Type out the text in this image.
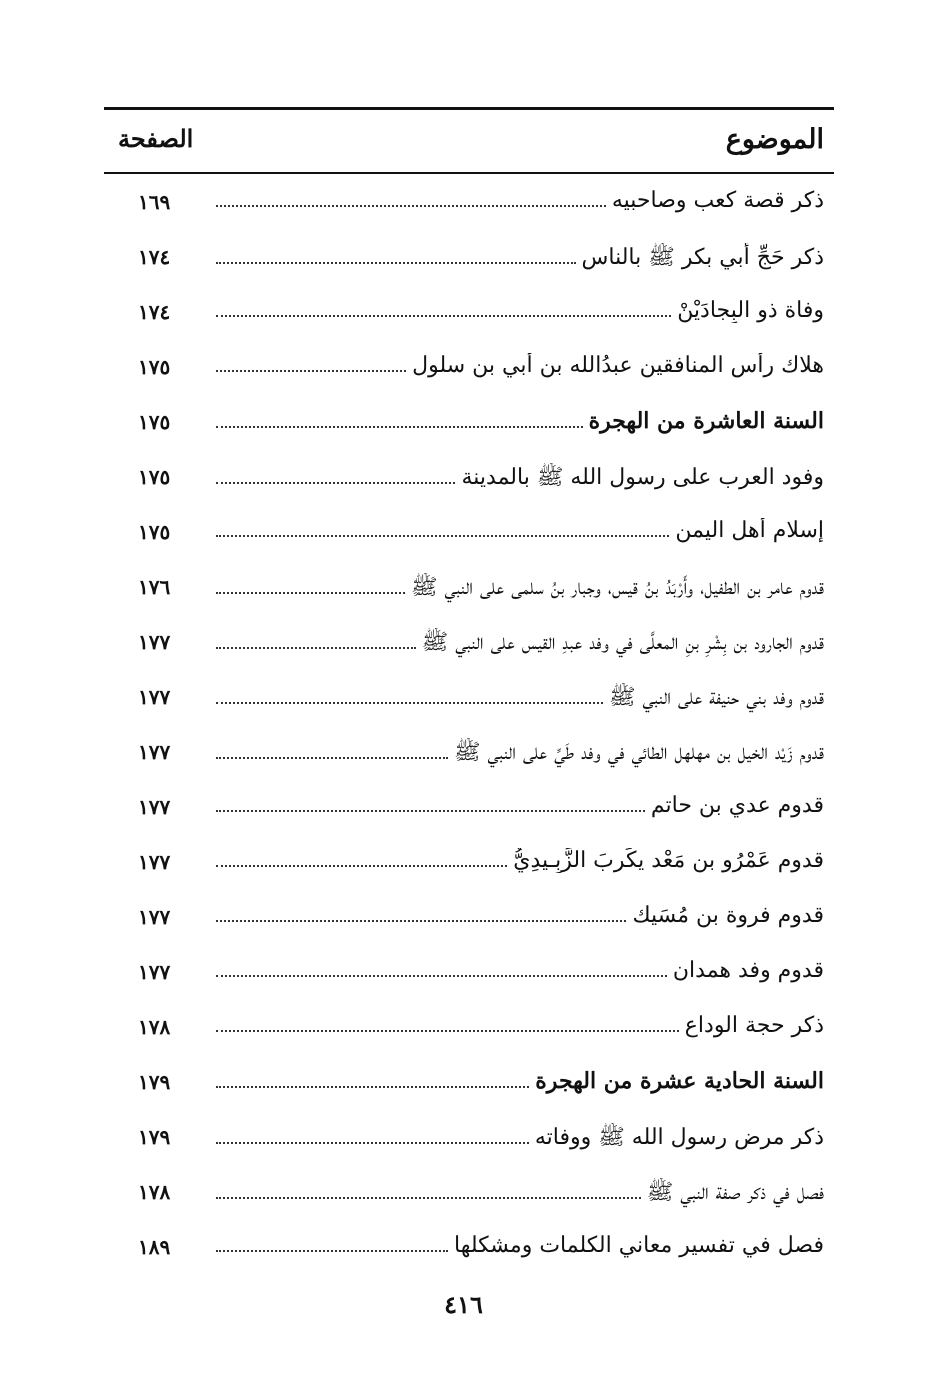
الموضوع
الصفحة
ذكر قصة كعب وصاحبيه
١٦٩
ذكر حَجِّ أبي بكر ﷺ بالناس
١٧٤
وفاة ذو البِجادَيْنْ
١٧٤
هلاك رأس المنافقين عبدُالله بن أُبي بن سلول
١٧٥
السنة العاشرة من الهجرة
١٧٥
وفود العرب على رسول الله ﷺ بالمدينة
١٧٥
إسلام أهل اليمن
١٧٥
قدوم عامر بن الطفيل، وأَرْبَدُ بنُ قيس، وجبار بنُ سلمى على النبي ﷺ
١٧٦
قدوم الجارود بن بِشْرِ بنِ المعلَّى في وفد عبدِ القيس على النبي ﷺ
١٧٧
قدوم وفد بني حنيفة على النبي ﷺ
١٧٧
قدوم زَيْد الخيل بن مهلهل الطائي في وفد طَيِّ على النبي ﷺ
١٧٧
قدوم عدي بن حاتم
١٧٧
قدوم عَمْرُو بن مَعْد يكَرِبَ الزَّبِـيدِيُّ
١٧٧
قدوم فروة بن مُسَيك
١٧٧
قدوم وفد همدان
١٧٧
ذكر حجة الوداع
١٧٨
السنة الحادية عشرة من الهجرة
١٧٩
ذكر مرض رسول الله ﷺ ووفاته
١٧٩
فصل في ذكر صفة النبي ﷺ
١٧٨
فصل في تفسير معاني الكلمات ومشكلها
١٨٩
٤١٦
